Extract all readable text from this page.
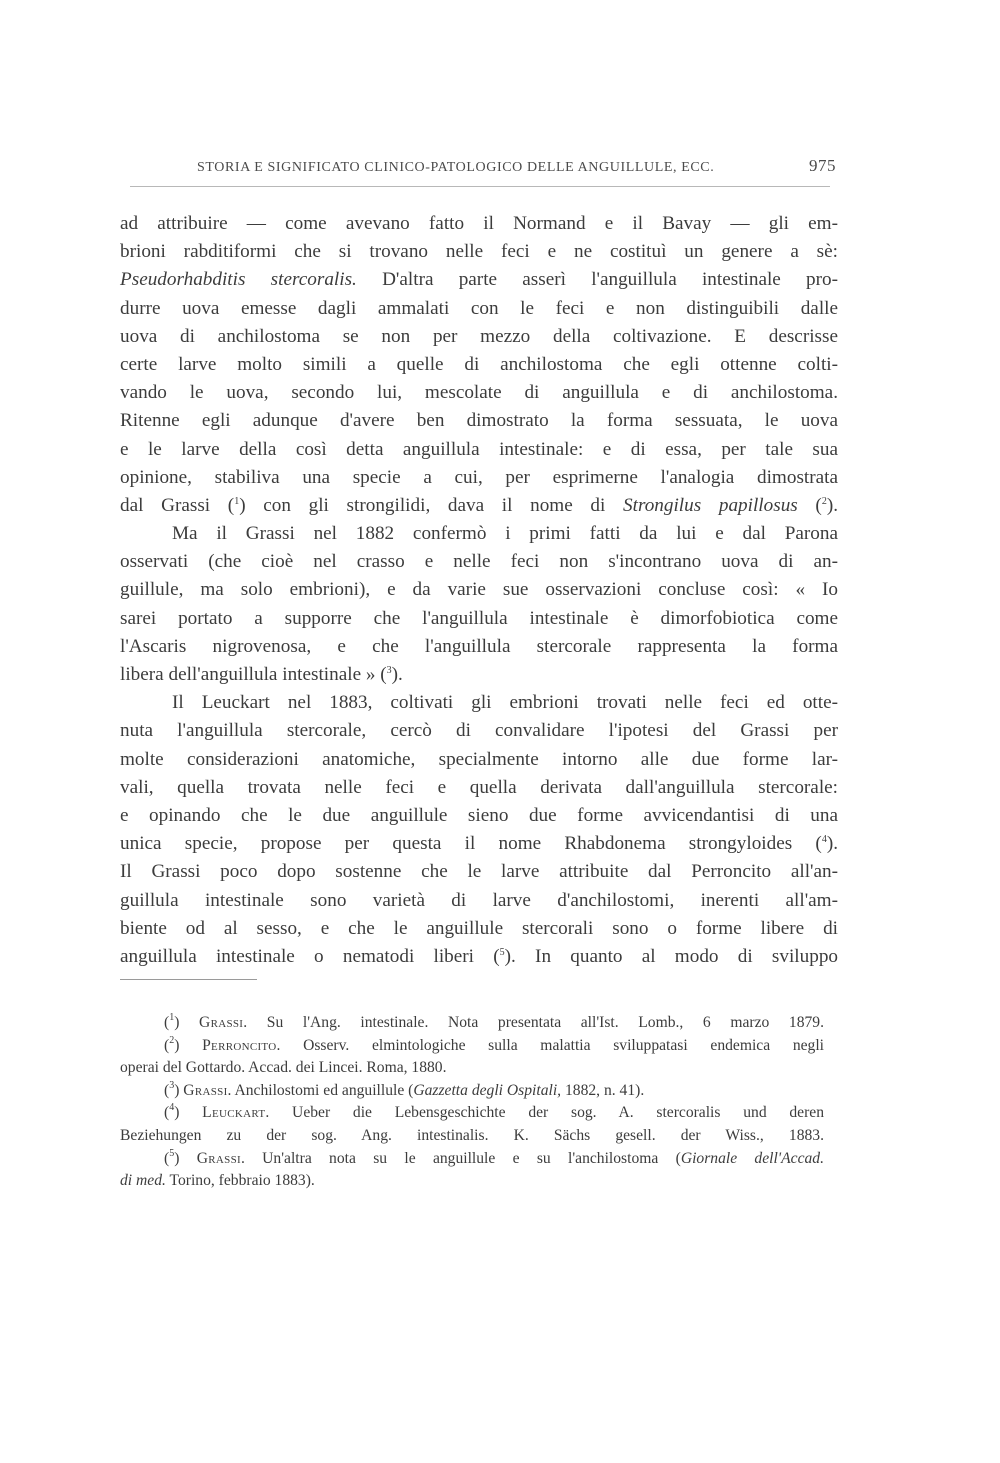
STORIA E SIGNIFICATO CLINICO-PATOLOGICO DELLE ANGUILLULE, ECC.	975
ad attribuire — come avevano fatto il Normand e il Bavay — gli em-
brioni rabditiformi che si trovano nelle feci e ne costituì un genere a sè:
Pseudorhabditis stercoralis. D'altra parte asserì l'anguillula intestinale pro-
durre uova emesse dagli ammalati con le feci e non distinguibili dalle
uova di anchilostoma se non per mezzo della coltivazione. E descrisse
certe larve molto simili a quelle di anchilostoma che egli ottenne colti-
vando le uova, secondo lui, mescolate di anguillula e di anchilostoma.
Ritenne egli adunque d'avere ben dimostrato la forma sessuata, le uova
e le larve della così detta anguillula intestinale: e di essa, per tale sua
opinione, stabiliva una specie a cui, per esprimerne l'analogia dimostrata
dal Grassi ($^1$) con gli strongilidi, dava il nome di Strongilus papillosus ($^2$).
Ma il Grassi nel 1882 confermò i primi fatti da lui e dal Parona
osservati (che cioè nel crasso e nelle feci non s'incontrano uova di an-
guillule, ma solo embrioni), e da varie sue osservazioni concluse così: « Io
sarei portato a supporre che l'anguillula intestinale è dimorfobiotica come
l'Ascaris nigrovenosa, e che l'anguillula stercorale rappresenta la forma
libera dell'anguillula intestinale » ($^3$).
Il Leuckart nel 1883, coltivati gli embrioni trovati nelle feci ed otte-
nuta l'anguillula stercorale, cercò di convalidare l'ipotesi del Grassi per
molte considerazioni anatomiche, specialmente intorno alle due forme lar-
vali, quella trovata nelle feci e quella derivata dall'anguillula stercorale:
e opinando che le due anguillule sieno due forme avvicendantisi di una
unica specie, propose per questa il nome Rhabdonema strongyloides ($^4$).
Il Grassi poco dopo sostenne che le larve attribuite dal Perroncito all'an-
guillula intestinale sono varietà di larve d'anchilostomi, inerenti all'am-
biente od al sesso, e che le anguillule stercorali sono o forme libere di
anguillula intestinale o nematodi liberi ($^5$). In quanto al modo di sviluppo
($^1$) Grassi. Su l'Ang. intestinale. Nota presentata all'Ist. Lomb., 6 marzo 1879.
($^2$) Perroncito. Osserv. elmintologiche sulla malattia sviluppatasi endemica negli
operai del Gottardo. Accad. dei Lincei. Roma, 1880.
($^3$) Grassi. Anchilostomi ed anguillule (Gazzetta degli Ospitali, 1882, n. 41).
($^4$) Leuckart. Ueber die Lebensgeschichte der sog. A. stercoralis und deren
Beziehungen zu der sog. Ang. intestinalis. K. Sächs gesell. der Wiss., 1883.
($^5$) Grassi. Un'altra nota su le anguillule e su l'anchilostoma (Giornale dell'Accad.
di med. Torino, febbraio 1883).
